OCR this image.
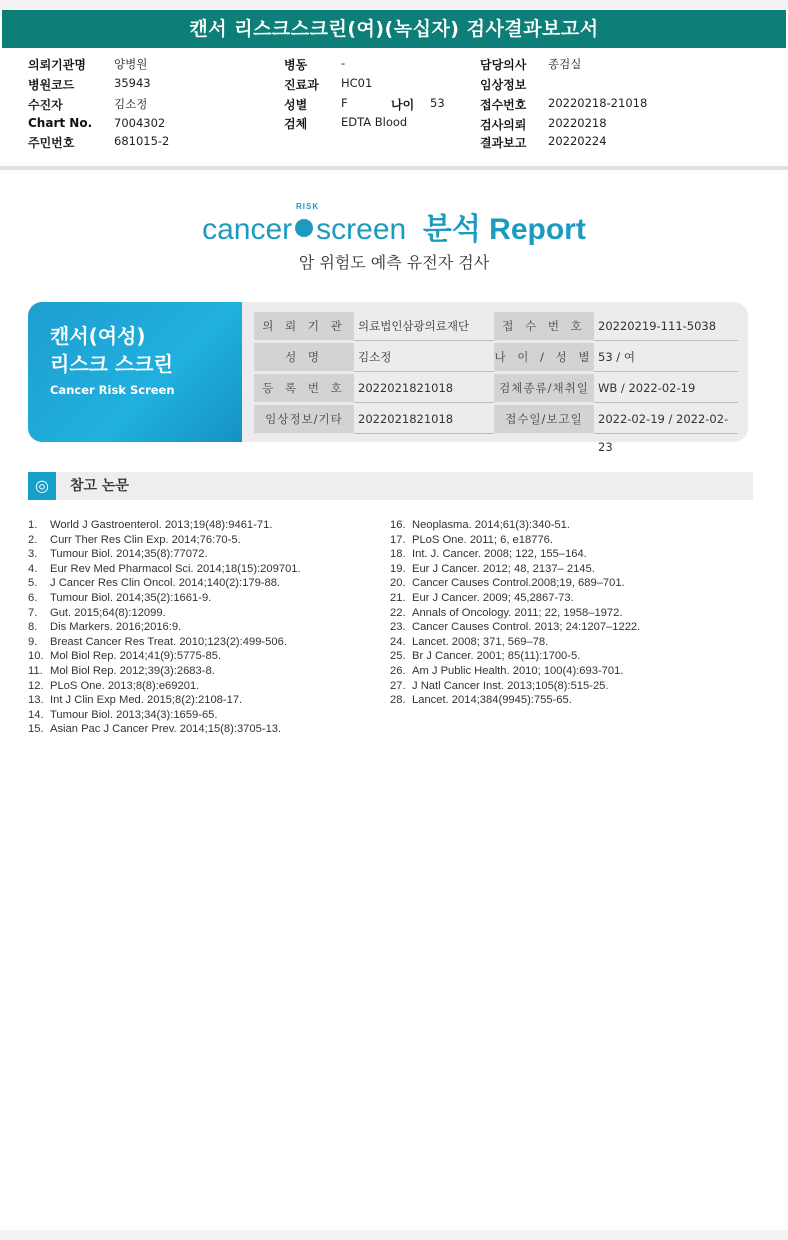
캔서 리스크스크린(여)(녹십자) 검사결과보고서
의뢰기관명 양병원
병원코드	35943
수진자	김소정
Chart No. 7004302
주민번호	681015-2
병동	-
진료과 HC01
성별	F	나이 53
검체	EDTA Blood
담당의사 종검실
임상정보
접수번호 20220218-21018
검사의뢰 20220218
결과보고 20220224
RISK
cancer screen 분석 Report
암 위험도 예측 유전자 검사
캔서(여성)
리스크 스크린
Cancer Risk Screen
의 뢰 기 관	의료법인삼광의료재단	접 수 번 호	20220219-111-5038
성 명	김소정	나 이 / 성 별 53 / 여
등 록 번 호	2022021821018	검체종류/채취일 WB / 2022-02-19
임상정보/기타	2022021821018	접수일/보고일	2022-02-19 / 2022-02-23
◎	참고 논문
1. World J Gastroenterol. 2013;19(48):9461-71.
2. Curr Ther Res Clin Exp. 2014;76:70-5.
3. Tumour Biol. 2014;35(8):77072.
4. Eur Rev Med Pharmacol Sci. 2014;18(15):209701.
5. J Cancer Res Clin Oncol. 2014;140(2):179-88.
6. Tumour Biol. 2014;35(2):1661-9.
7. Gut. 2015;64(8):12099.
8. Dis Markers. 2016;2016:9.
9. Breast Cancer Res Treat. 2010;123(2):499-506.
10. Mol Biol Rep. 2014;41(9):5775-85.
11. Mol Biol Rep. 2012;39(3):2683-8.
12. PLoS One. 2013;8(8):e69201.
13. Int J Clin Exp Med. 2015;8(2):2108-17.
14. Tumour Biol. 2013;34(3):1659-65.
15. Asian Pac J Cancer Prev. 2014;15(8):3705-13.
16. Neoplasma. 2014;61(3):340-51.
17. PLoS One. 2011; 6, e18776.
18. Int. J. Cancer. 2008; 122, 155–164.
19. Eur J Cancer. 2012; 48, 2137– 2145.
20. Cancer Causes Control.2008;19, 689–701.
21. Eur J Cancer. 2009; 45,2867-73.
22. Annals of Oncology. 2011; 22, 1958–1972.
23. Cancer Causes Control. 2013; 24:1207–1222.
24. Lancet. 2008; 371, 569–78.
25. Br J Cancer. 2001; 85(11):1700-5.
26. Am J Public Health. 2010; 100(4):693-701.
27. J Natl Cancer Inst. 2013;105(8):515-25.
28. Lancet. 2014;384(9945):755-65.
